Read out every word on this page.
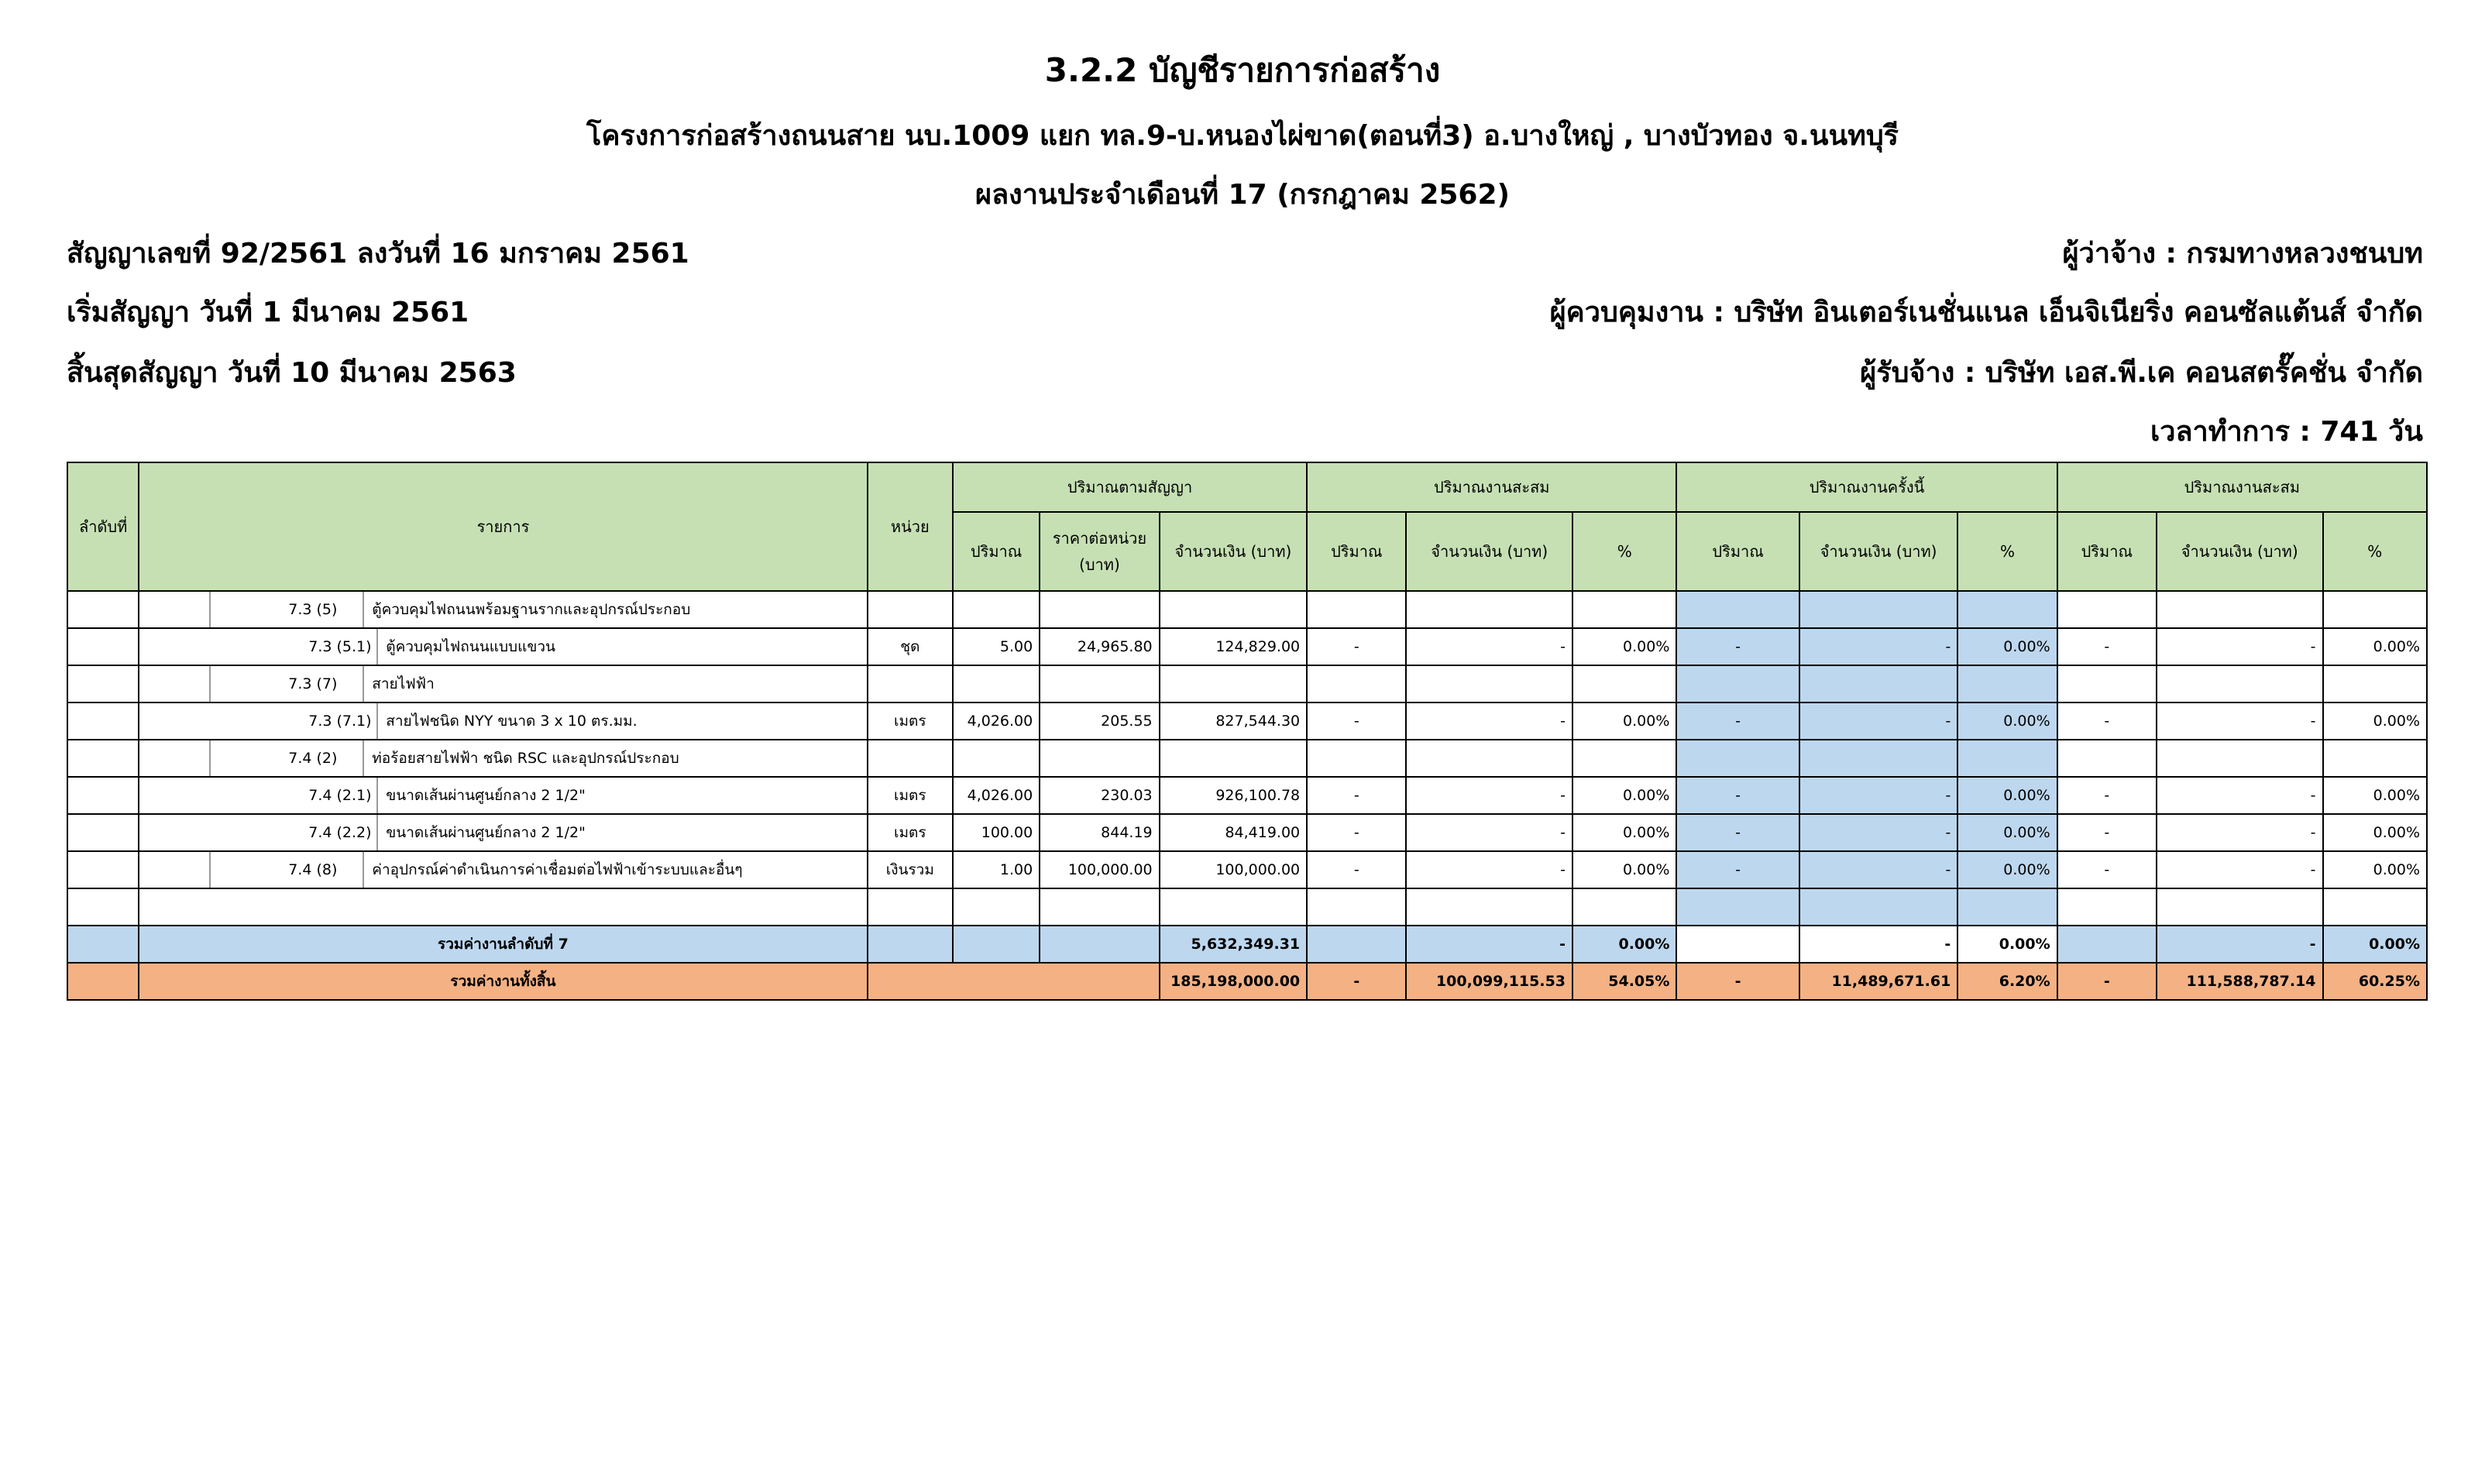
3.2.2 บัญชีรายการก่อสร้าง
โครงการก่อสร้างถนนสาย นบ.1009 แยก ทล.9-บ.หนองไผ่ขาด(ตอนที่3) อ.บางใหญ่ , บางบัวทอง จ.นนทบุรี
ผลงานประจำเดือนที่ 17 (กรกฎาคม 2562)
สัญญาเลขที่ 92/2561 ลงวันที่ 16 มกราคม 2561
เริ่มสัญญา วันที่ 1 มีนาคม 2561
สิ้นสุดสัญญา วันที่ 10 มีนาคม 2563
ผู้ว่าจ้าง : กรมทางหลวงชนบท
ผู้ควบคุมงาน : บริษัท อินเตอร์เนชั่นแนล เอ็นจิเนียริ่ง คอนซัลแต้นส์ จำกัด
ผู้รับจ้าง : บริษัท เอส.พี.เค คอนสตรั๊คชั่น จำกัด
เวลาทำการ : 741 วัน
ลำดับที่	รายการ	หน่วย	ปริมาณตามสัญญา			ปริมาณงานสะสม			ปริมาณงานครั้งนี้			ปริมาณงานสะสม		
			ปริมาณ	ราคาต่อหน่วย
(บาท)	จำนวนเงิน (บาท)	ปริมาณ	จำนวนเงิน (บาท)	%	ปริมาณ	จำนวนเงิน (บาท)	%	ปริมาณ	จำนวนเงิน (บาท)	%

	7.3 (5) ตู้ควบคุมไฟถนนพร้อมฐานรากและอุปกรณ์ประกอบ													

	7.3 (5.1) ตู้ควบคุมไฟถนนแบบแขวน	ชุด	5.00	24,965.80	124,829.00	-	-	0.00%	-	-	0.00%	-	-	0.00%

	7.3 (7) สายไฟฟ้า													

	7.3 (7.1) สายไฟชนิด NYY ขนาด 3 x 10 ตร.มม.	เมตร	4,026.00	205.55	827,544.30	-	-	0.00%	-	-	0.00%	-	-	0.00%

	7.4 (2) ท่อร้อยสายไฟฟ้า ชนิด RSC และอุปกรณ์ประกอบ													

	7.4 (2.1) ขนาดเส้นผ่านศูนย์กลาง 2 1/2"	เมตร	4,026.00	230.03	926,100.78	-	-	0.00%	-	-	0.00%	-	-	0.00%

	7.4 (2.2) ขนาดเส้นผ่านศูนย์กลาง 2 1/2"	เมตร	100.00	844.19	84,419.00	-	-	0.00%	-	-	0.00%	-	-	0.00%

	7.4 (8) ค่าอุปกรณ์ค่าดำเนินการค่าเชื่อมต่อไฟฟ้าเข้าระบบและอื่นๆ	เงินรวม	1.00	100,000.00	100,000.00	-	-	0.00%	-	-	0.00%	-	-	0.00%

	รวมค่างานลำดับที่ 7				5,632,349.31		-	0.00%		-	0.00%		-	0.00%
	รวมค่างานทั้งสิ้น				185,198,000.00	-	100,099,115.53	54.05%	-	11,489,671.61	6.20%	-	111,588,787.14	60.25%
